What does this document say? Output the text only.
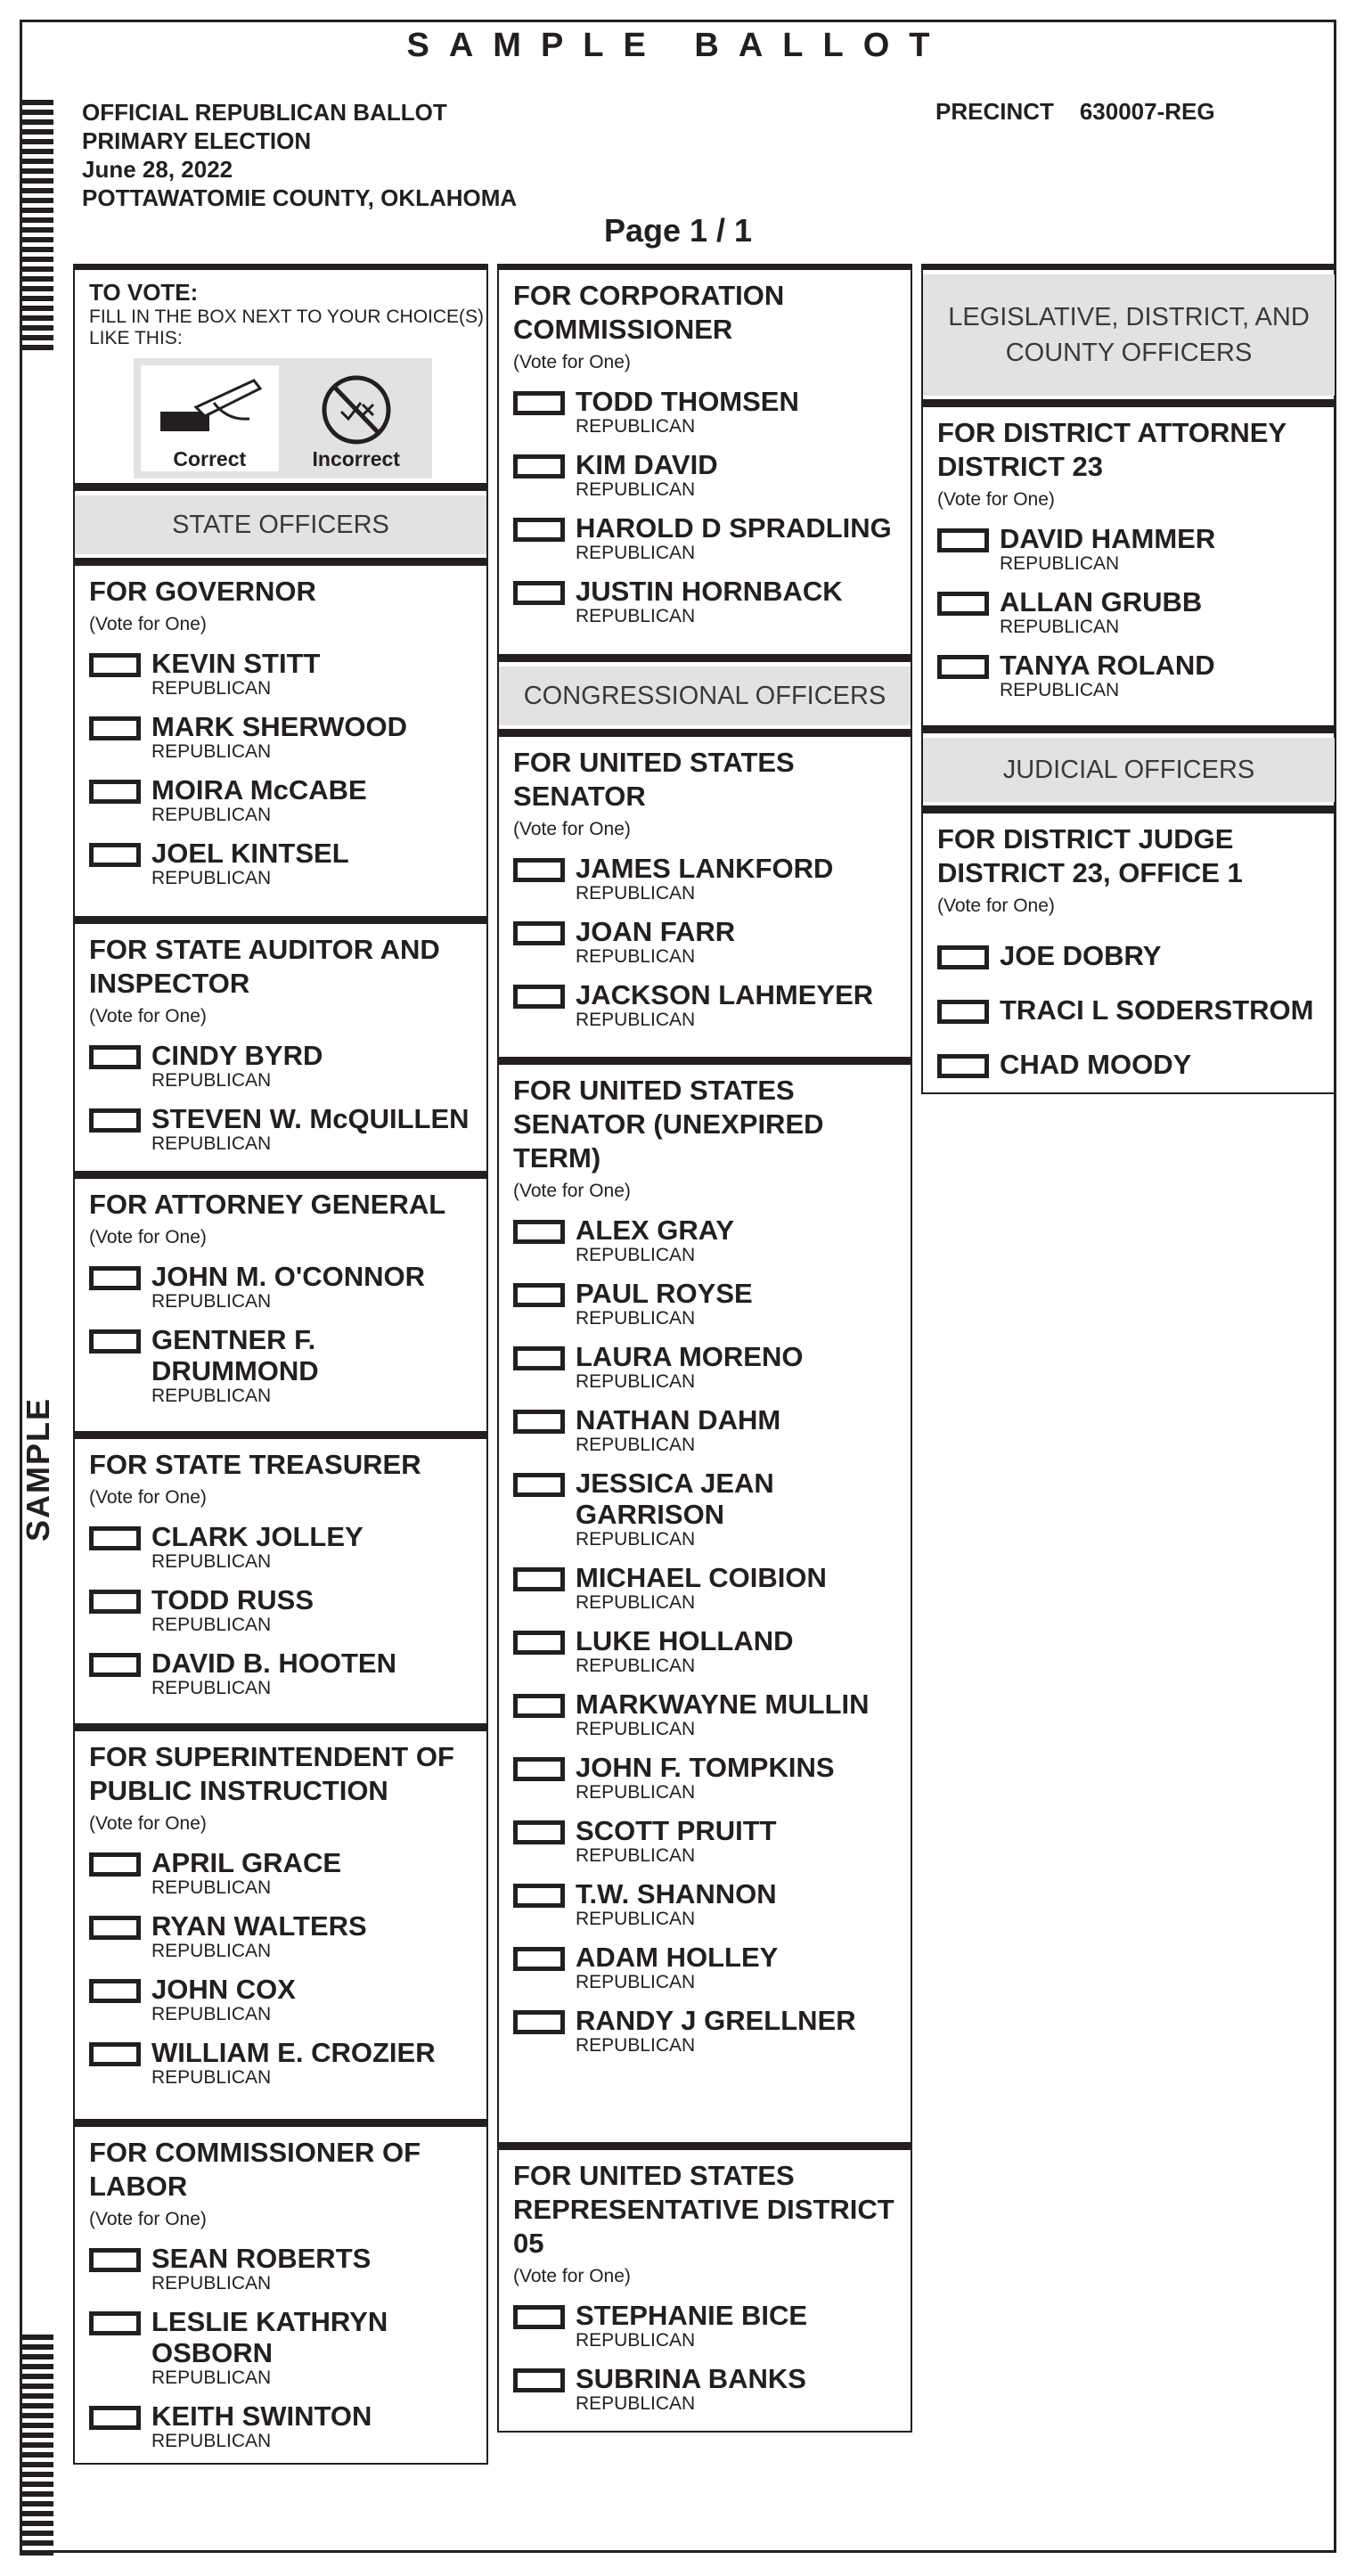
SAMPLE BALLOT
OFFICIAL REPUBLICAN BALLOT
PRIMARY ELECTION
June 28, 2022
POTTAWATOMIE COUNTY, OKLAHOMA
PRECINCT 630007-REG
Page 1 / 1
SAMPLE
TO VOTE:
FILL IN THE BOX NEXT TO YOUR CHOICE(S) LIKE THIS:
Correct	Incorrect
STATE OFFICERS
FOR GOVERNOR
(Vote for One)
KEVIN STITT
REPUBLICAN
MARK SHERWOOD
REPUBLICAN
MOIRA McCABE
REPUBLICAN
JOEL KINTSEL
REPUBLICAN
FOR STATE AUDITOR AND INSPECTOR
(Vote for One)
CINDY BYRD
REPUBLICAN
STEVEN W. McQUILLEN
REPUBLICAN
FOR ATTORNEY GENERAL
(Vote for One)
JOHN M. O'CONNOR
REPUBLICAN
GENTNER F. DRUMMOND
REPUBLICAN
FOR STATE TREASURER
(Vote for One)
CLARK JOLLEY
REPUBLICAN
TODD RUSS
REPUBLICAN
DAVID B. HOOTEN
REPUBLICAN
FOR SUPERINTENDENT OF PUBLIC INSTRUCTION
(Vote for One)
APRIL GRACE
REPUBLICAN
RYAN WALTERS
REPUBLICAN
JOHN COX
REPUBLICAN
WILLIAM E. CROZIER
REPUBLICAN
FOR COMMISSIONER OF LABOR
(Vote for One)
SEAN ROBERTS
REPUBLICAN
LESLIE KATHRYN OSBORN
REPUBLICAN
KEITH SWINTON
REPUBLICAN
FOR CORPORATION COMMISSIONER
(Vote for One)
TODD THOMSEN
REPUBLICAN
KIM DAVID
REPUBLICAN
HAROLD D SPRADLING
REPUBLICAN
JUSTIN HORNBACK
REPUBLICAN
CONGRESSIONAL OFFICERS
FOR UNITED STATES SENATOR
(Vote for One)
JAMES LANKFORD
REPUBLICAN
JOAN FARR
REPUBLICAN
JACKSON LAHMEYER
REPUBLICAN
FOR UNITED STATES SENATOR (UNEXPIRED TERM)
(Vote for One)
ALEX GRAY
REPUBLICAN
PAUL ROYSE
REPUBLICAN
LAURA MORENO
REPUBLICAN
NATHAN DAHM
REPUBLICAN
JESSICA JEAN GARRISON
REPUBLICAN
MICHAEL COIBION
REPUBLICAN
LUKE HOLLAND
REPUBLICAN
MARKWAYNE MULLIN
REPUBLICAN
JOHN F. TOMPKINS
REPUBLICAN
SCOTT PRUITT
REPUBLICAN
T.W. SHANNON
REPUBLICAN
ADAM HOLLEY
REPUBLICAN
RANDY J GRELLNER
REPUBLICAN
FOR UNITED STATES REPRESENTATIVE DISTRICT 05
(Vote for One)
STEPHANIE BICE
REPUBLICAN
SUBRINA BANKS
REPUBLICAN
LEGISLATIVE, DISTRICT, AND COUNTY OFFICERS
FOR DISTRICT ATTORNEY DISTRICT 23
(Vote for One)
DAVID HAMMER
REPUBLICAN
ALLAN GRUBB
REPUBLICAN
TANYA ROLAND
REPUBLICAN
JUDICIAL OFFICERS
FOR DISTRICT JUDGE DISTRICT 23, OFFICE 1
(Vote for One)
JOE DOBRY
TRACI L SODERSTROM
CHAD MOODY
